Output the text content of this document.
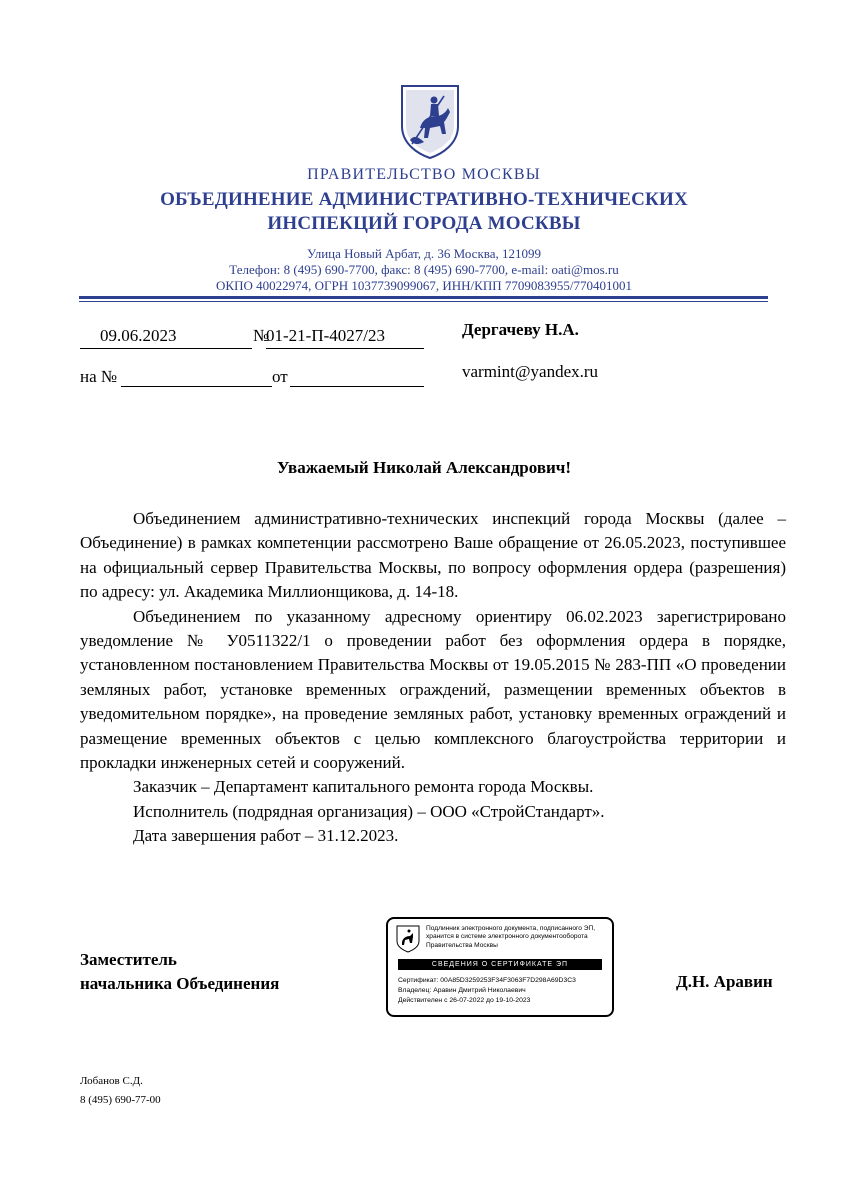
ПРАВИТЕЛЬСТВО МОСКВЫ
ОБЪЕДИНЕНИЕ АДМИНИСТРАТИВНО-ТЕХНИЧЕСКИХ
ИНСПЕКЦИЙ ГОРОДА МОСКВЫ
Улица Новый Арбат, д. 36 Москва, 121099
Телефон: 8 (495) 690-7700, факс: 8 (495) 690-7700, e-mail: oati@mos.ru
ОКПО 40022974, ОГРН 1037739099067, ИНН/КПП 7709083955/770401001
09.06.2023	№
01-21-П-4027/23
на №	от
Дергачеву Н.А.
varmint@yandex.ru
Уважаемый Николай Александрович!

Объединением административно-технических инспекций города Москвы (далее – Объединение) в рамках компетенции рассмотрено Ваше обращение от 26.05.2023, поступившее на официальный сервер Правительства Москвы, по вопросу оформления ордера (разрешения) по адресу: ул. Академика Миллионщикова, д. 14-18.

Объединением по указанному адресному ориентиру 06.02.2023 зарегистрировано уведомление № У0511322/1 о проведении работ без оформления ордера в порядке, установленном постановлением Правительства Москвы от 19.05.2015 № 283-ПП «О проведении земляных работ, установке временных ограждений, размещении временных объектов в уведомительном порядке», на проведение земляных работ, установку временных ограждений и размещение временных объектов с целью комплексного благоустройства территории и прокладки инженерных сетей и сооружений.

Заказчик – Департамент капитального ремонта города Москвы.

Исполнитель (подрядная организация) – ООО «СтройСтандарт».

Дата завершения работ – 31.12.2023.

Заместитель
начальника Объединения	Д.Н. Аравин
Подлинник электронного документа, подписанного ЭП, хранится в системе электронного документооборота Правительства Москвы
СВЕДЕНИЯ О СЕРТИФИКАТЕ ЭП
Сертификат: 00A85D3259253F34F3063F7D298A69D3C3
Владелец: Аравин Дмитрий Николаевич
Действителен с 26-07-2022 до 19-10-2023
Лобанов С.Д.
8 (495) 690-77-00
